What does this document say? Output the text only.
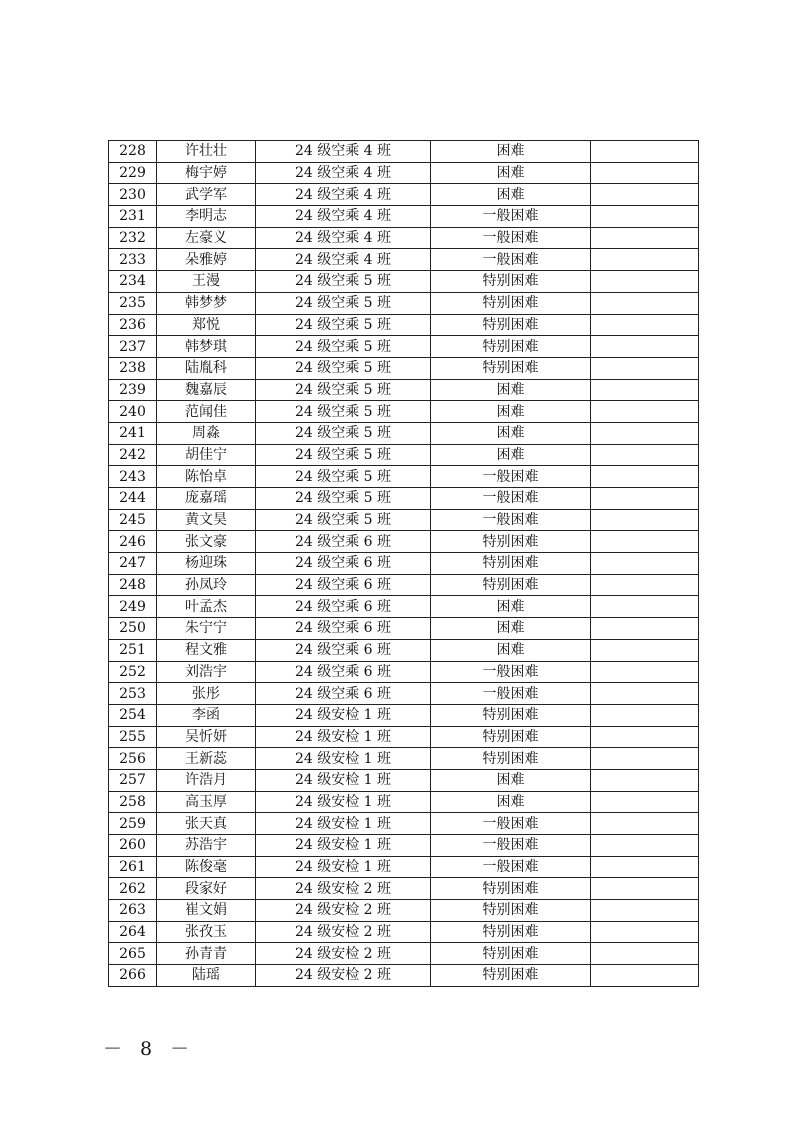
228	许壮壮	24 级空乘 4 班	困难	
229	梅宇婷	24 级空乘 4 班	困难	
230	武学军	24 级空乘 4 班	困难	
231	李明志	24 级空乘 4 班	一般困难	
232	左豪义	24 级空乘 4 班	一般困难	
233	朵雅婷	24 级空乘 4 班	一般困难	
234	王漫	24 级空乘 5 班	特别困难	
235	韩梦梦	24 级空乘 5 班	特别困难	
236	郑悦	24 级空乘 5 班	特别困难	
237	韩梦琪	24 级空乘 5 班	特别困难	
238	陆胤科	24 级空乘 5 班	特别困难	
239	魏嘉辰	24 级空乘 5 班	困难	
240	范闻佳	24 级空乘 5 班	困难	
241	周淼	24 级空乘 5 班	困难	
242	胡佳宁	24 级空乘 5 班	困难	
243	陈怡卓	24 级空乘 5 班	一般困难	
244	庞嘉瑶	24 级空乘 5 班	一般困难	
245	黄文昊	24 级空乘 5 班	一般困难	
246	张文豪	24 级空乘 6 班	特别困难	
247	杨迎珠	24 级空乘 6 班	特别困难	
248	孙凤玲	24 级空乘 6 班	特别困难	
249	叶孟杰	24 级空乘 6 班	困难	
250	朱宁宁	24 级空乘 6 班	困难	
251	程文雅	24 级空乘 6 班	困难	
252	刘浩宇	24 级空乘 6 班	一般困难	
253	张彤	24 级空乘 6 班	一般困难	
254	李函	24 级安检 1 班	特别困难	
255	吴忻妍	24 级安检 1 班	特别困难	
256	王新蕊	24 级安检 1 班	特别困难	
257	许浩月	24 级安检 1 班	困难	
258	高玉厚	24 级安检 1 班	困难	
259	张天真	24 级安检 1 班	一般困难	
260	苏浩宇	24 级安检 1 班	一般困难	
261	陈俊毫	24 级安检 1 班	一般困难	
262	段家好	24 级安检 2 班	特别困难	
263	崔文娟	24 级安检 2 班	特别困难	
264	张孜玉	24 级安检 2 班	特别困难	
265	孙青青	24 级安检 2 班	特别困难	
266	陆瑶	24 级安检 2 班	特别困难	
－ 8 －
